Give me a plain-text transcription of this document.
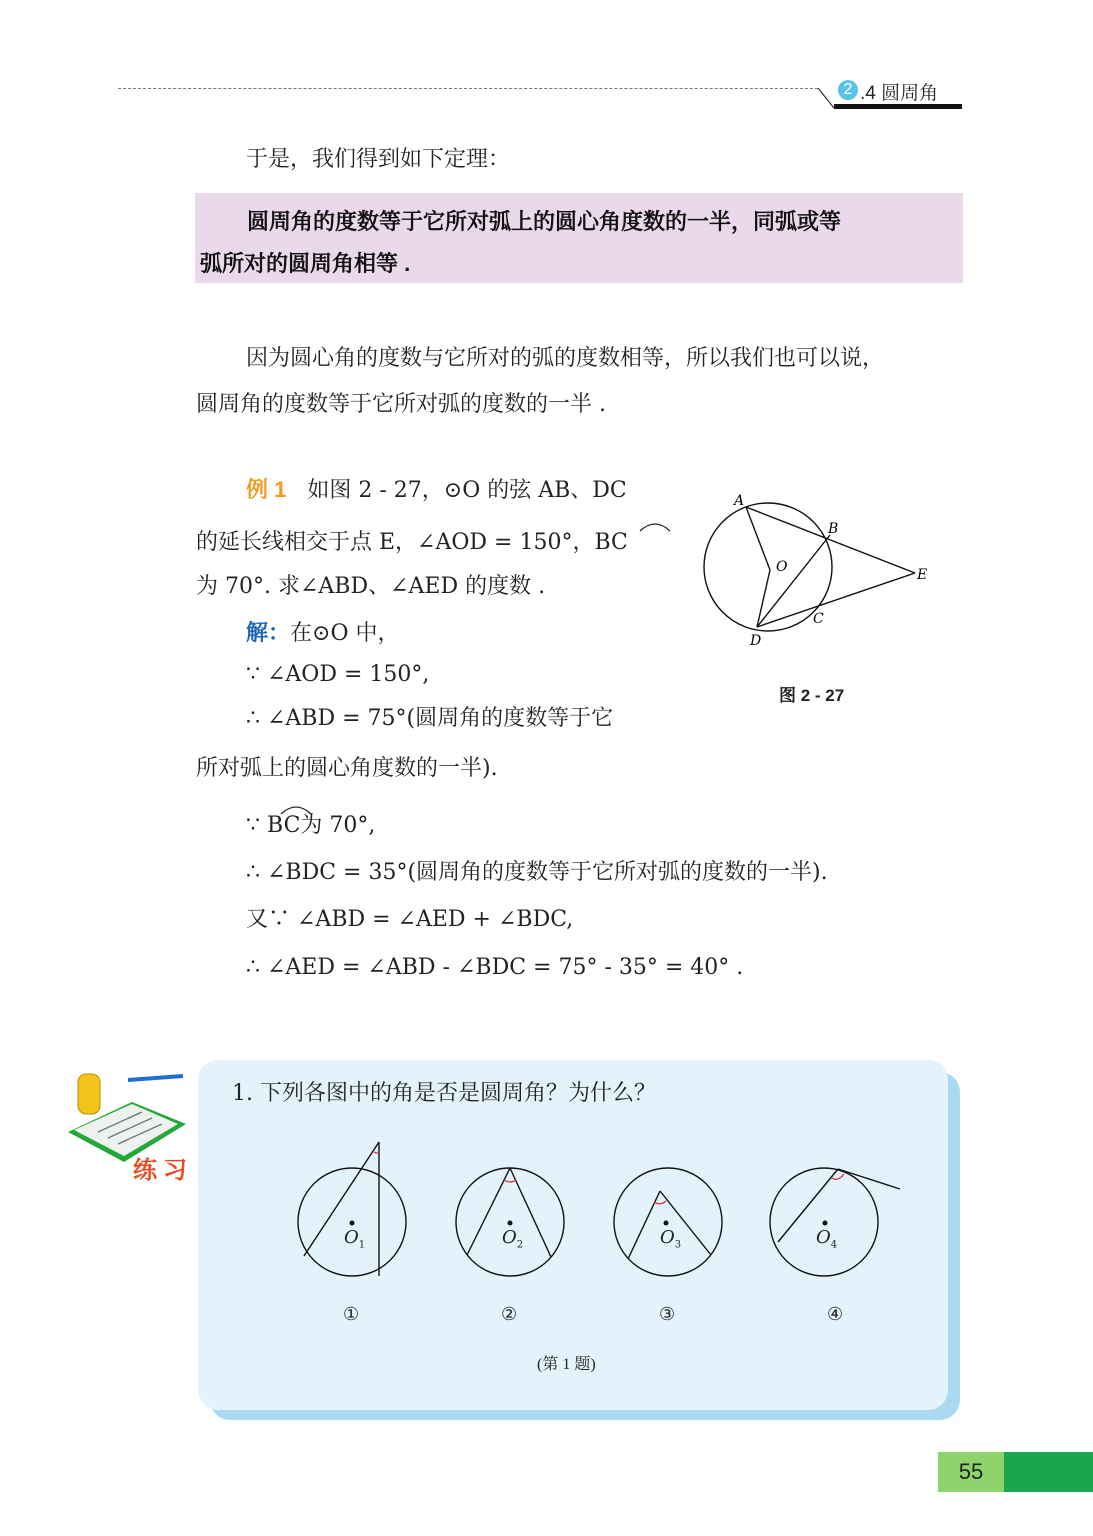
2 .4 圆周角
于是，我们得到如下定理：
圆周角的度数等于它所对弧上的圆心角度数的一半，同弧或等
弧所对的圆周角相等 .
因为圆心角的度数与它所对的弧的度数相等，所以我们也可以说，
圆周角的度数等于它所对弧的度数的一半 .
例 1 如图 2 - 27，⊙O 的弦 AB、DC
的延长线相交于点 E，∠AOD = 150°，BC
为 70°. 求∠ABD、∠AED 的度数 .
解：在⊙O 中，
∵ ∠AOD = 150°,
∴ ∠ABD = 75°(圆周角的度数等于它
所对弧上的圆心角度数的一半).
∵ BC为 70°,
∴ ∠BDC = 35°(圆周角的度数等于它所对弧的度数的一半).
又∵ ∠ABD = ∠AED + ∠BDC,
∴ ∠AED = ∠ABD - ∠BDC = 75° - 35° = 40° .
A
B
C
D
E
O
图 2 - 27
练习
1. 下列各图中的角是否是圆周角？为什么？
$O_1$	$O_2$	$O_3$	$O_4$
①	②	③	④
(第 1 题)
55
